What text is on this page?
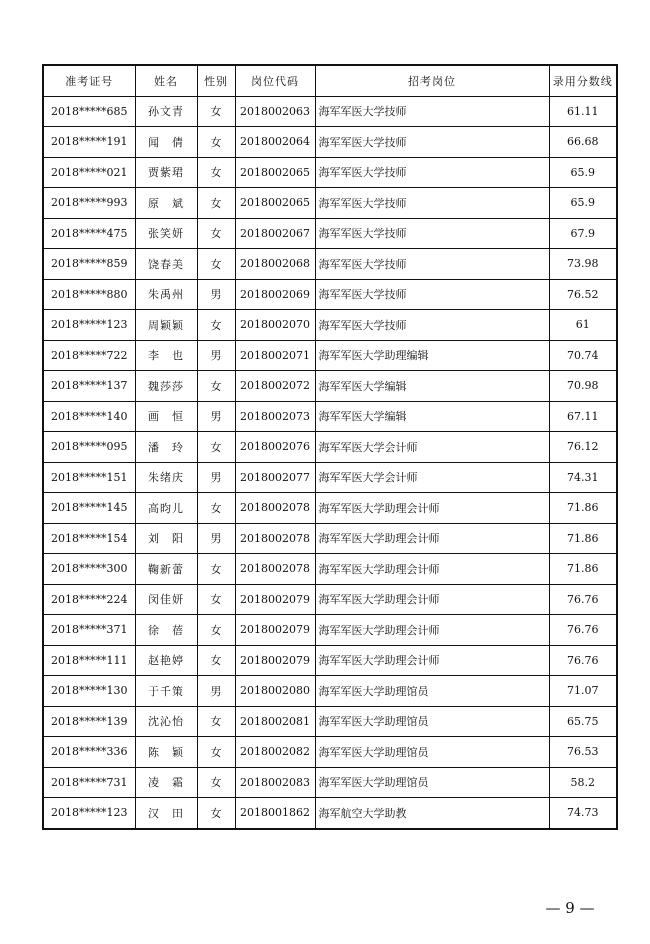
准考证号	姓名	性别	岗位代码	招考岗位	录用分数线
2018*****685	孙文青	女	2018002063	海军军医大学技师	61.11
2018*****191	闻　倩	女	2018002064	海军军医大学技师	66.68
2018*****021	贾紫珺	女	2018002065	海军军医大学技师	65.9
2018*****993	原　斌	女	2018002065	海军军医大学技师	65.9
2018*****475	张笑妍	女	2018002067	海军军医大学技师	67.9
2018*****859	饶春美	女	2018002068	海军军医大学技师	73.98
2018*****880	朱禹州	男	2018002069	海军军医大学技师	76.52
2018*****123	周颖颖	女	2018002070	海军军医大学技师	61
2018*****722	李　也	男	2018002071	海军军医大学助理编辑	70.74
2018*****137	魏莎莎	女	2018002072	海军军医大学编辑	70.98
2018*****140	画　恒	男	2018002073	海军军医大学编辑	67.11
2018*****095	潘　玲	女	2018002076	海军军医大学会计师	76.12
2018*****151	朱绪庆	男	2018002077	海军军医大学会计师	74.31
2018*****145	高昀儿	女	2018002078	海军军医大学助理会计师	71.86
2018*****154	刘　阳	男	2018002078	海军军医大学助理会计师	71.86
2018*****300	鞠新蕾	女	2018002078	海军军医大学助理会计师	71.86
2018*****224	闵佳妍	女	2018002079	海军军医大学助理会计师	76.76
2018*****371	徐　蓓	女	2018002079	海军军医大学助理会计师	76.76
2018*****111	赵艳婷	女	2018002079	海军军医大学助理会计师	76.76
2018*****130	于千策	男	2018002080	海军军医大学助理馆员	71.07
2018*****139	沈沁怡	女	2018002081	海军军医大学助理馆员	65.75
2018*****336	陈　颖	女	2018002082	海军军医大学助理馆员	76.53
2018*****731	凌　霜	女	2018002083	海军军医大学助理馆员	58.2
2018*****123	汉　田	女	2018001862	海军航空大学助教	74.73
— 9 —
